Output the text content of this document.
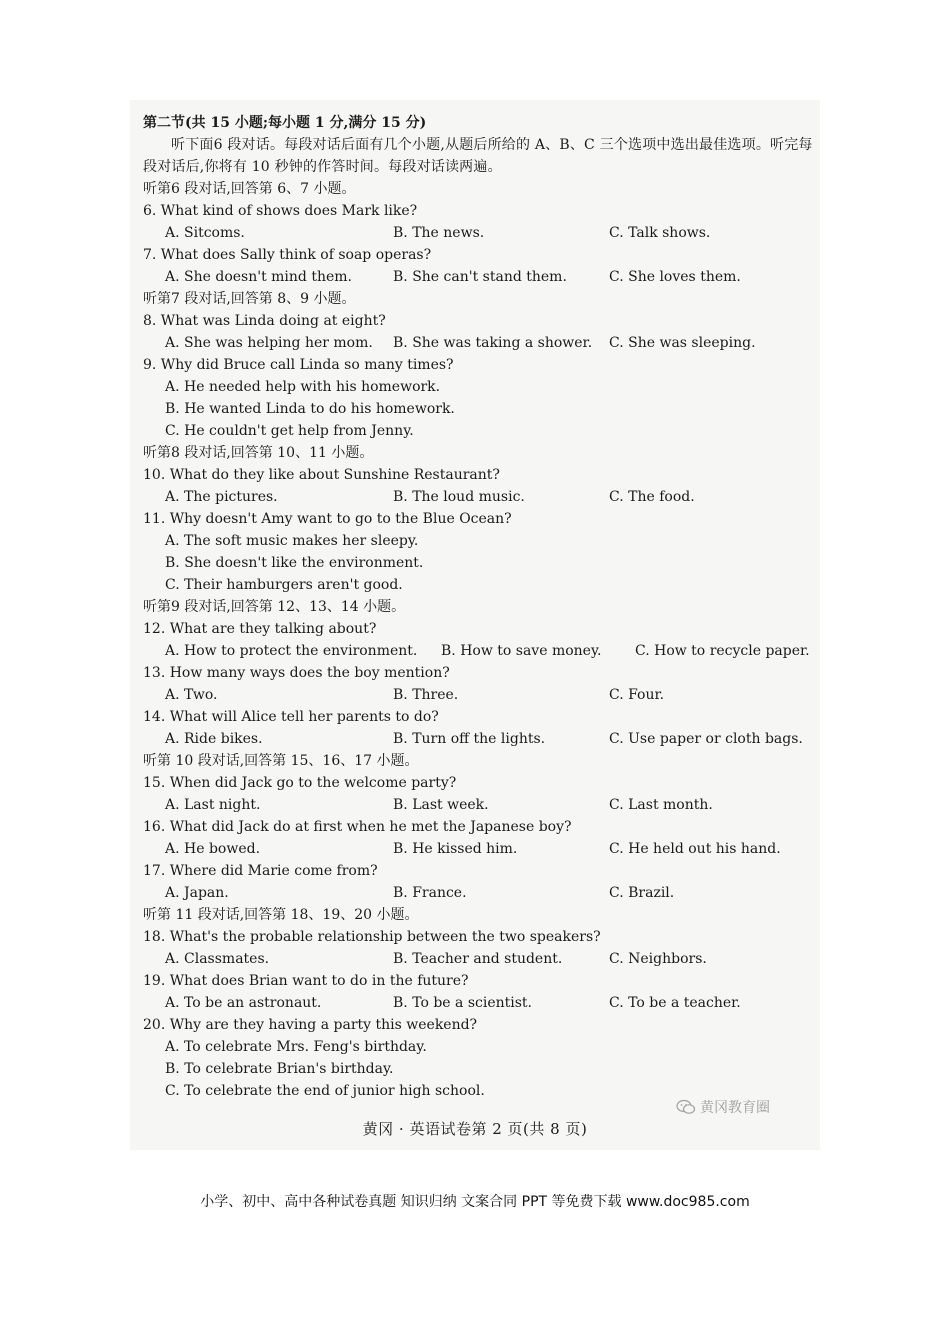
第二节(共 15 小题;每小题 1 分,满分 15 分)
听下面6 段对话。每段对话后面有几个小题,从题后所给的 A、B、C 三个选项中选出最佳选项。听完每段对话后,你将有 10 秒钟的作答时间。每段对话读两遍。
听第6 段对话,回答第 6、7 小题。
6. What kind of shows does Mark like?
A. Sitcoms.	B. The news.	C. Talk shows.
7. What does Sally think of soap operas?
A. She doesn't mind them.	B. She can't stand them.	C. She loves them.
听第7 段对话,回答第 8、9 小题。
8. What was Linda doing at eight?
A. She was helping her mom. B. She was taking a shower. C. She was sleeping.
9. Why did Bruce call Linda so many times?
A. He needed help with his homework.
B. He wanted Linda to do his homework.
C. He couldn't get help from Jenny.
听第8 段对话,回答第 10、11 小题。
10. What do they like about Sunshine Restaurant?
A. The pictures.	B. The loud music.	C. The food.
11. Why doesn't Amy want to go to the Blue Ocean?
A. The soft music makes her sleepy.
B. She doesn't like the environment.
C. Their hamburgers aren't good.
听第9 段对话,回答第 12、13、14 小题。
12. What are they talking about?
A. How to protect the environment. B. How to save money. C. How to recycle paper.
13. How many ways does the boy mention?
A. Two.	B. Three.	C. Four.
14. What will Alice tell her parents to do?
A. Ride bikes.	B. Turn off the lights.	C. Use paper or cloth bags.
听第 10 段对话,回答第 15、16、17 小题。
15. When did Jack go to the welcome party?
A. Last night.	B. Last week.	C. Last month.
16. What did Jack do at first when he met the Japanese boy?
A. He bowed.	B. He kissed him.	C. He held out his hand.
17. Where did Marie come from?
A. Japan.	B. France.	C. Brazil.
听第 11 段对话,回答第 18、19、20 小题。
18. What's the probable relationship between the two speakers?
A. Classmates.	B. Teacher and student.	C. Neighbors.
19. What does Brian want to do in the future?
A. To be an astronaut.	B. To be a scientist.	C. To be a teacher.
20. Why are they having a party this weekend?
A. To celebrate Mrs. Feng's birthday.
B. To celebrate Brian's birthday.
C. To celebrate the end of junior high school.
黄冈教育圈
黄冈 · 英语试卷第 2 页(共 8 页)
小学、初中、高中各种试卷真题 知识归纳 文案合同 PPT 等免费下载 www.doc985.com
